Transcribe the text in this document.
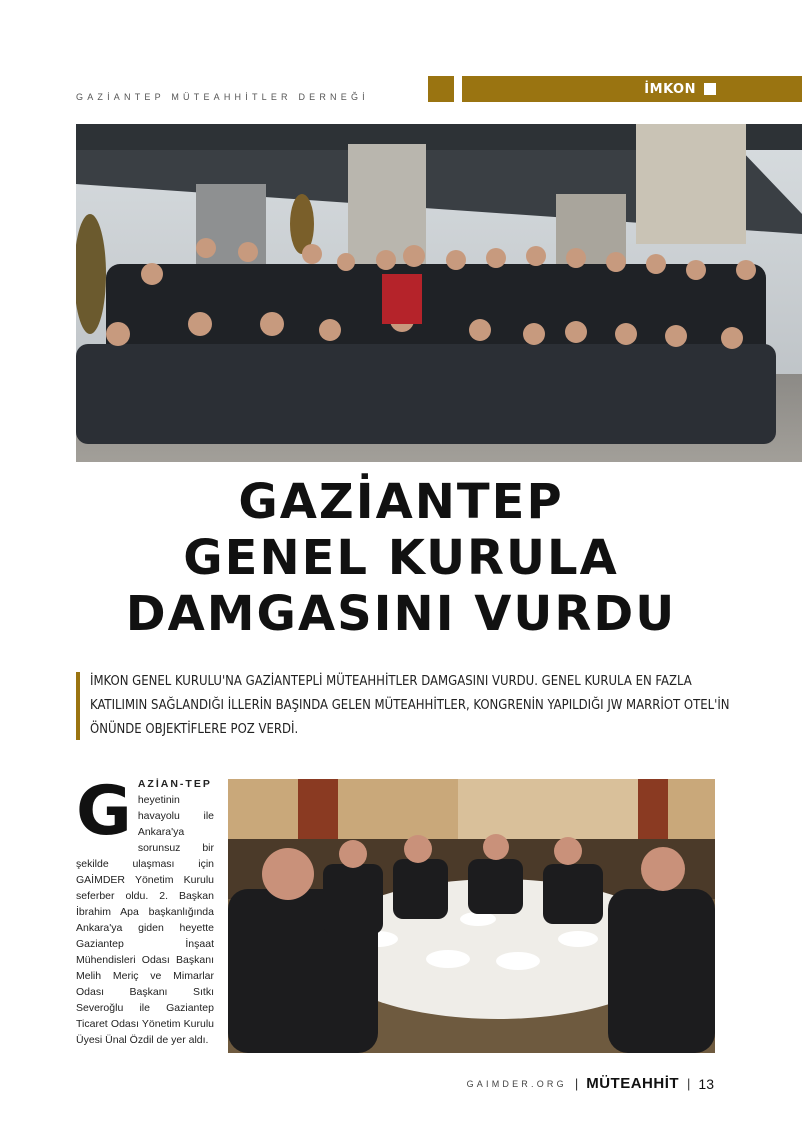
GAZİANTEP MÜTEAHHİTLER DERNEĞİ
İMKON
GAZİANTEP
GENEL KURULA
DAMGASINI VURDU
İMKON GENEL KURULU'NA GAZİANTEPLİ MÜTEAHHİTLER DAMGASINI VURDU. GENEL KURULA EN FAZLA KATILIMIN SAĞLANDIĞI İLLERİN BAŞINDA GELEN MÜTEAHHİTLER, KONGRENİN YAPILDIĞI JW MARRİOT OTEL'İN ÖNÜNDE OBJEKTİFLERE POZ VERDİ.
G AZİAN-TEP heyetinin havayolu ile Ankara'ya sorunsuz bir şekilde ulaşması için GAİMDER Yönetim Kurulu seferber oldu. 2. Başkan İbrahim Apa başkanlığında Ankara'ya giden heyette Gaziantep İnşaat Mühendisleri Odası Başkanı Melih Meriç ve Mimarlar Odası Başkanı Sıtkı Severoğlu ile Gaziantep Ticaret Odası Yönetim Kurulu Üyesi Ünal Özdil de yer aldı.
GAIMDER.ORG | MÜTEAHHİT | 13
